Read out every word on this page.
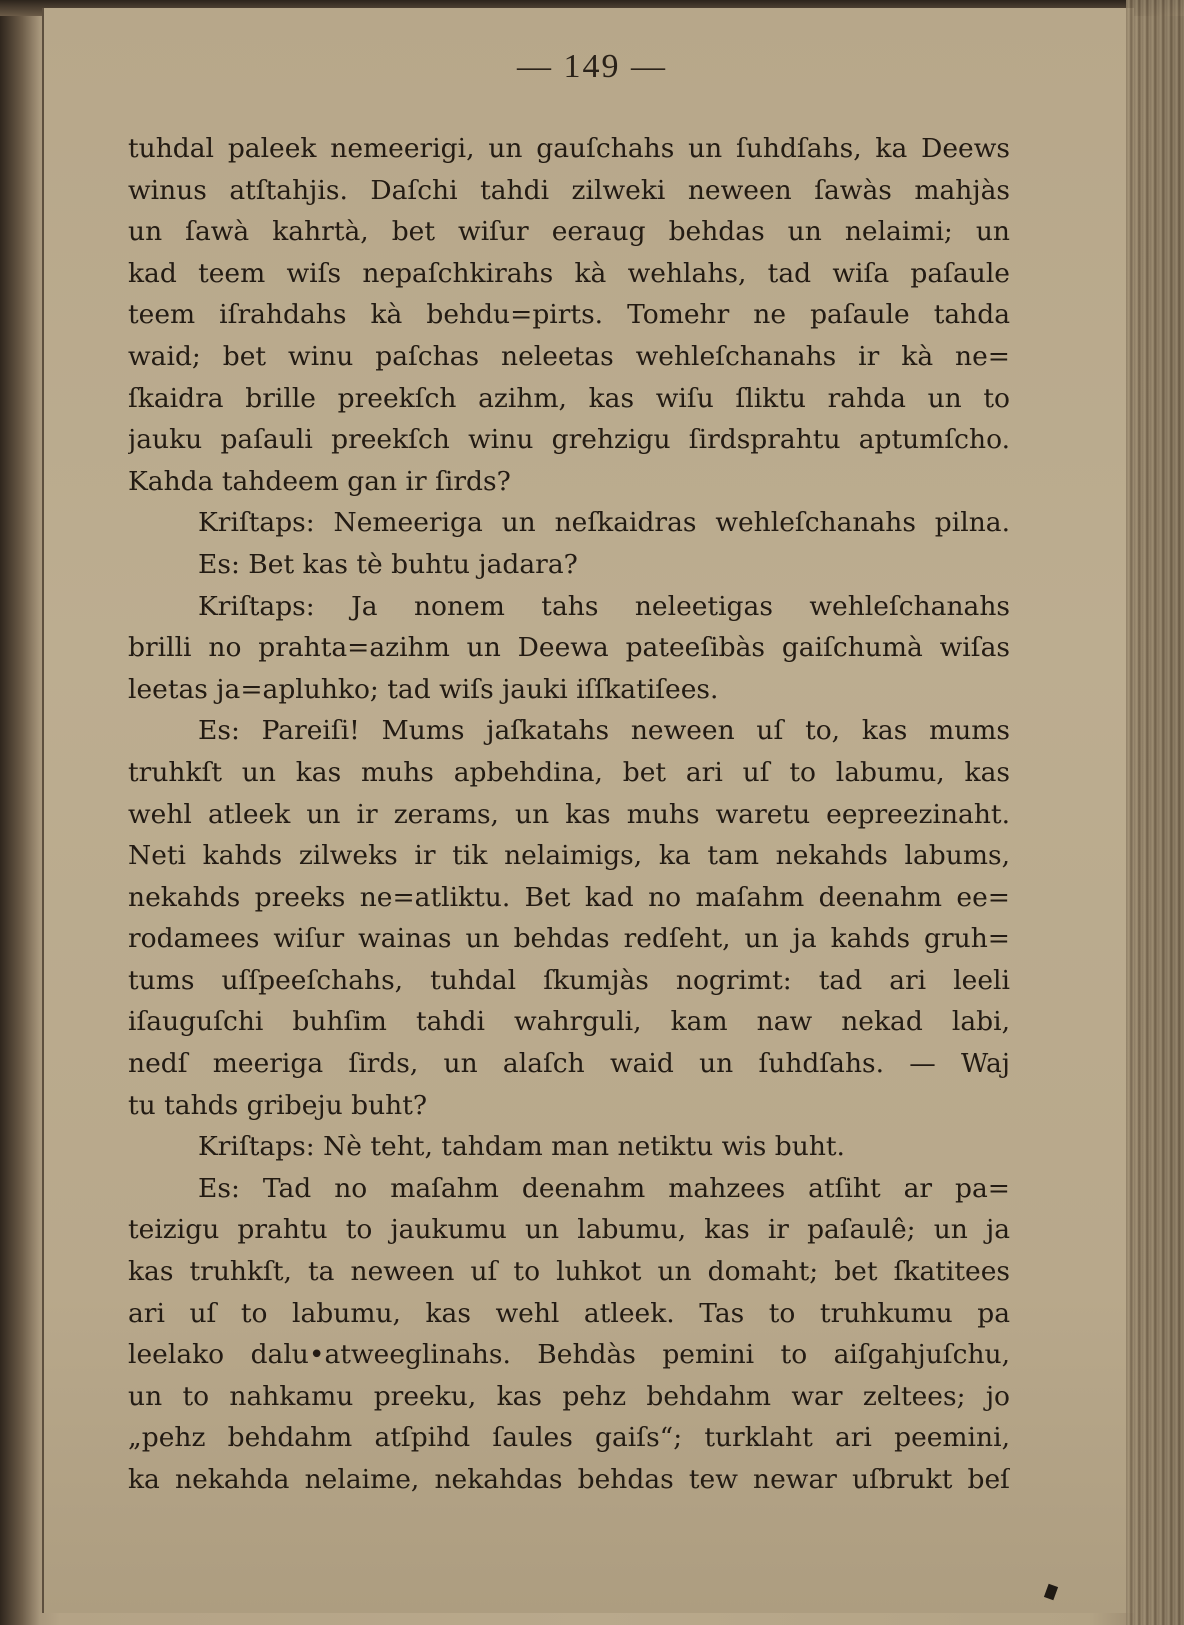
— 149 —
tuhdal paleek nemeerigi, un gauſchahs un ſuhdſahs, ka Deews
winus atſtahjis. Daſchi tahdi zilweki neween ſawàs mahjàs
un ſawà kahrtà, bet wiſur eeraug behdas un nelaimi; un
kad teem wiſs nepaſchkirahs kà wehlahs, tad wiſa paſaule
teem iſrahdahs kà behdu=pirts. Tomehr ne paſaule tahda
waid; bet winu paſchas neleetas wehleſchanahs ir kà ne=
ſkaidra brille preekſch azihm, kas wiſu ſliktu rahda un to
jauku paſauli preekſch winu grehzigu ſirdsprahtu aptumſcho.
Kahda tahdeem gan ir ſirds?
Kriſtaps: Nemeeriga un neſkaidras wehleſchanahs pilna.
Es: Bet kas tè buhtu jadara?
Kriſtaps: Ja nonem tahs neleetigas wehleſchanahs
brilli no prahta=azihm un Deewa pateeſibàs gaiſchumà wiſas
leetas ja=apluhko; tad wiſs jauki iſſkatiſees.
Es: Pareiſi! Mums jaſkatahs neween uſ to, kas mums
truhkſt un kas muhs apbehdina, bet ari uſ to labumu, kas
wehl atleek un ir zerams, un kas muhs waretu eepreezinaht.
Neti kahds zilweks ir tik nelaimigs, ka tam nekahds labums,
nekahds preeks ne=atliktu. Bet kad no maſahm deenahm ee=
rodamees wiſur wainas un behdas redſeht, un ja kahds gruh=
tums uſſpeeſchahs, tuhdal ſkumjàs nogrimt: tad ari leeli
iſauguſchi buhſim tahdi wahrguli, kam naw nekad labi,
nedſ meeriga ſirds, un alaſch waid un ſuhdſahs. — Waj
tu tahds gribeju buht?
Kriſtaps: Nè teht, tahdam man netiktu wis buht.
Es: Tad no maſahm deenahm mahzees atſiht ar pa=
teizigu prahtu to jaukumu un labumu, kas ir paſaulê; un ja
kas truhkſt, ta neween uſ to luhkot un domaht; bet ſkatitees
ari uſ to labumu, kas wehl atleek. Tas to truhkumu pa
leelako dalu•atweeglinahs. Behdàs pemini to aiſgahjuſchu,
un to nahkamu preeku, kas pehz behdahm war zeltees; jo
„pehz behdahm atſpihd ſaules gaiſs“; turklaht ari peemini,
ka nekahda nelaime, nekahdas behdas tew newar uſbrukt beſ
